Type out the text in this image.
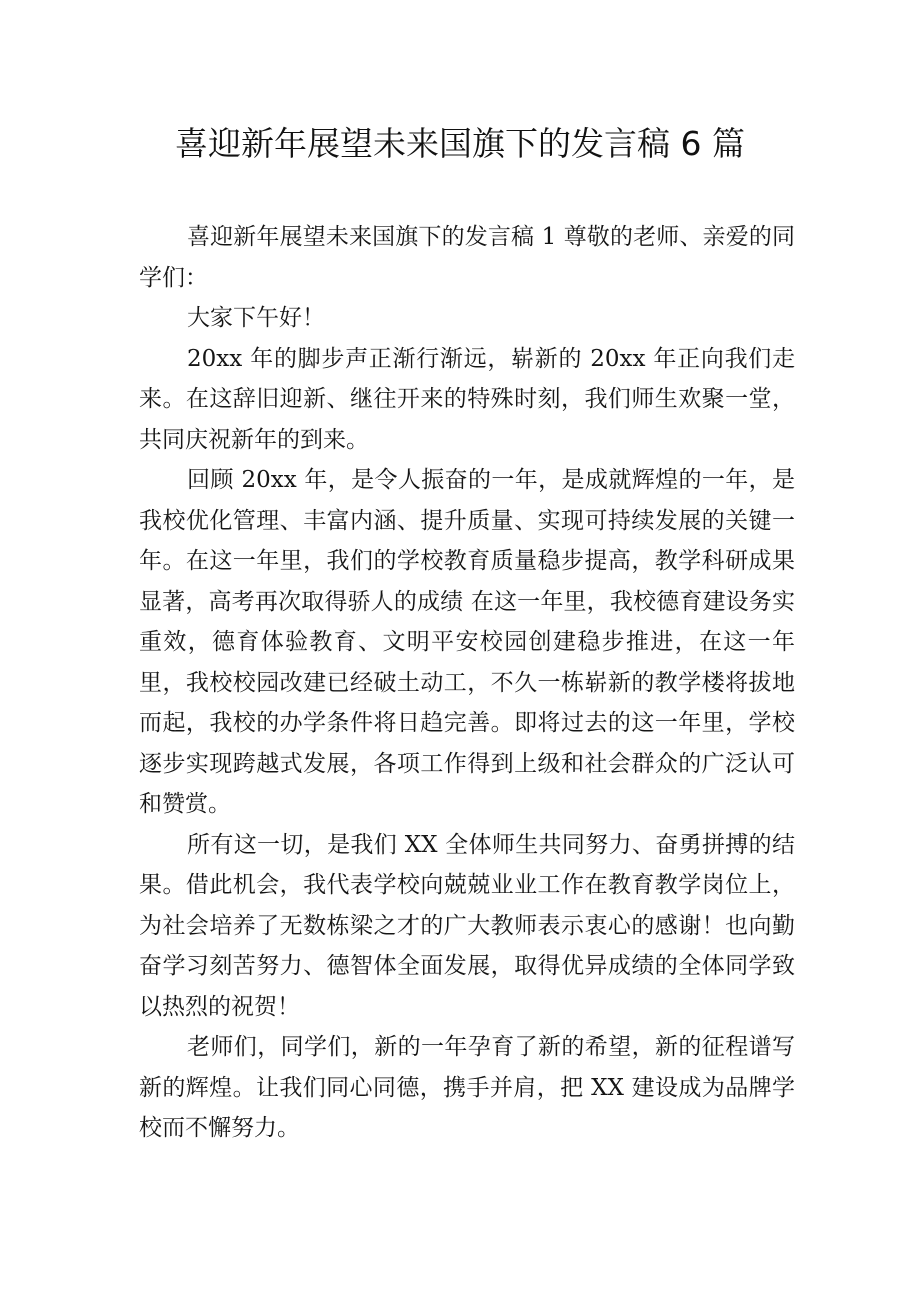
喜迎新年展望未来国旗下的发言稿 6 篇

喜迎新年展望未来国旗下的发言稿 1 尊敬的老师、亲爱的同学们：

大家下午好！

20xx 年的脚步声正渐行渐远，崭新的 20xx 年正向我们走来。在这辞旧迎新、继往开来的特殊时刻，我们师生欢聚一堂，共同庆祝新年的到来。

回顾 20xx 年，是令人振奋的一年，是成就辉煌的一年，是我校优化管理、丰富内涵、提升质量、实现可持续发展的关键一年。在这一年里，我们的学校教育质量稳步提高，教学科研成果显著，高考再次取得骄人的成绩 在这一年里，我校德育建设务实重效，德育体验教育、文明平安校园创建稳步推进，在这一年里，我校校园改建已经破土动工，不久一栋崭新的教学楼将拔地而起，我校的办学条件将日趋完善。即将过去的这一年里，学校逐步实现跨越式发展，各项工作得到上级和社会群众的广泛认可和赞赏。

所有这一切，是我们 XX 全体师生共同努力、奋勇拼搏的结果。借此机会，我代表学校向兢兢业业工作在教育教学岗位上，为社会培养了无数栋梁之才的广大教师表示衷心的感谢！也向勤奋学习刻苦努力、德智体全面发展，取得优异成绩的全体同学致以热烈的祝贺！

老师们，同学们，新的一年孕育了新的希望，新的征程谱写新的辉煌。让我们同心同德，携手并肩，把 XX 建设成为品牌学校而不懈努力。
